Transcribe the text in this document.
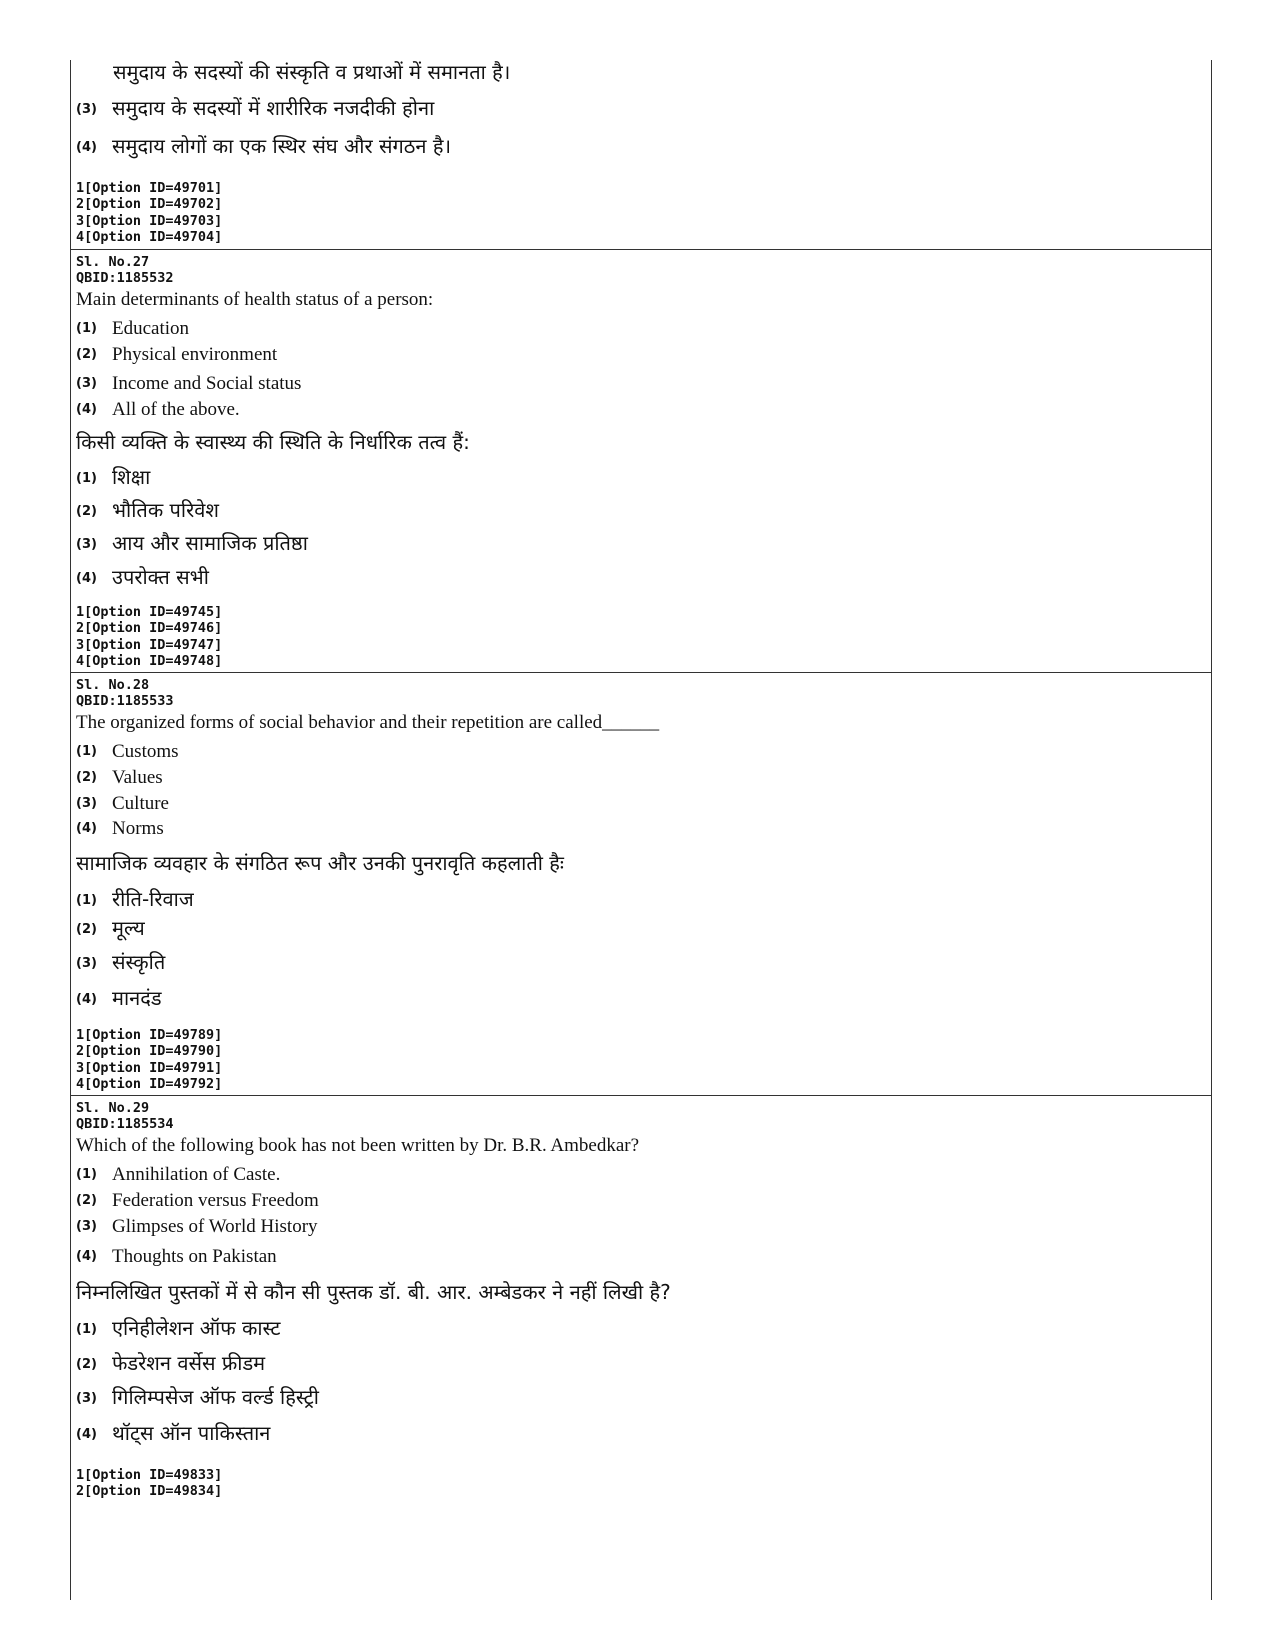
समुदाय के सदस्यों की संस्कृति व प्रथाओं में समानता है।
(3) समुदाय के सदस्यों में शारीरिक नजदीकी होना
(4) समुदाय लोगों का एक स्थिर संघ और संगठन है।
1[Option ID=49701]
2[Option ID=49702]
3[Option ID=49703]
4[Option ID=49704]
Sl. No.27
QBID:1185532
Main determinants of health status of a person:
(1) Education
(2) Physical environment
(3) Income and Social status
(4) All of the above.
किसी व्यक्ति के स्वास्थ्य की स्थिति के निर्धारिक तत्व हैं:
(1) शिक्षा
(2) भौतिक परिवेश
(3) आय और सामाजिक प्रतिष्ठा
(4) उपरोक्त सभी
1[Option ID=49745]
2[Option ID=49746]
3[Option ID=49747]
4[Option ID=49748]
Sl. No.28
QBID:1185533
The organized forms of social behavior and their repetition are called______
(1) Customs
(2) Values
(3) Culture
(4) Norms
सामाजिक व्यवहार के संगठित रूप और उनकी पुनरावृति कहलाती हैः
(1) रीति-रिवाज
(2) मूल्य
(3) संस्कृति
(4) मानदंड
1[Option ID=49789]
2[Option ID=49790]
3[Option ID=49791]
4[Option ID=49792]
Sl. No.29
QBID:1185534
Which of the following book has not been written by Dr. B.R. Ambedkar?
(1) Annihilation of Caste.
(2) Federation versus Freedom
(3) Glimpses of World History
(4) Thoughts on Pakistan
निम्नलिखित पुस्तकों में से कौन सी पुस्तक डॉ. बी. आर. अम्बेडकर ने नहीं लिखी है?
(1) एनिहीलेशन ऑफ कास्ट
(2) फेडरेशन वर्सेस फ्रीडम
(3) गिलिम्पसेज ऑफ वर्ल्ड हिस्ट्री
(4) थॉट्स ऑन पाकिस्तान
1[Option ID=49833]
2[Option ID=49834]
